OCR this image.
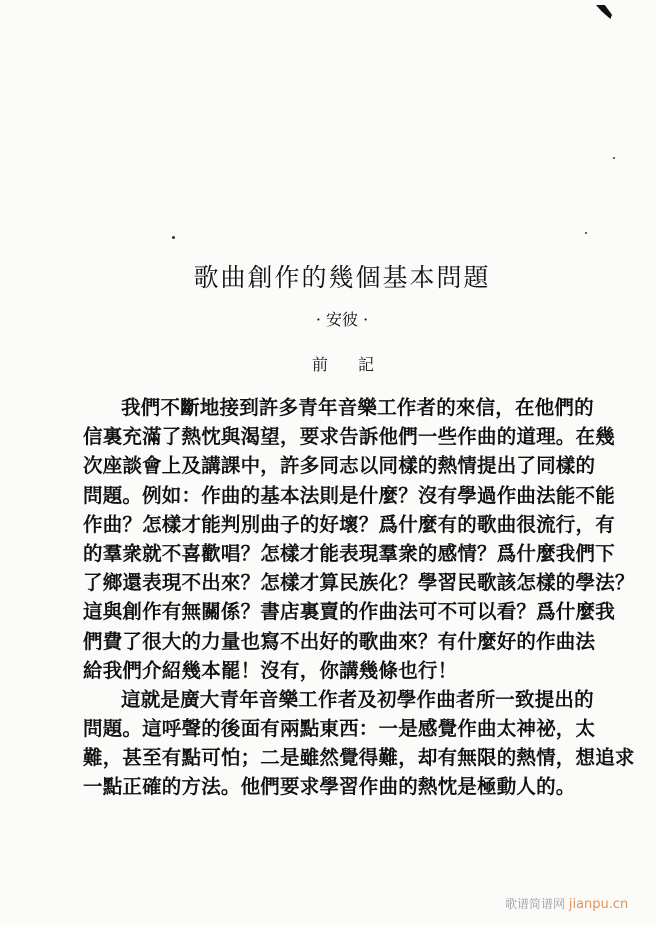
歌曲創作的幾個基本問題
· 安彼 ·
前記
我們不斷地接到許多青年音樂工作者的來信，在他們的
信裏充滿了熱忱與渴望，要求告訴他們一些作曲的道理。在幾
次座談會上及講課中，許多同志以同樣的熱情提出了同樣的
問題。例如：作曲的基本法則是什麼？沒有學過作曲法能不能
作曲？怎樣才能判別曲子的好壞？爲什麼有的歌曲很流行，有
的羣衆就不喜歡唱？怎樣才能表現羣衆的感情？爲什麼我們下
了鄉還表現不出來？怎樣才算民族化？學習民歌該怎樣的學法？
這與創作有無關係？書店裏賣的作曲法可不可以看？爲什麼我
們費了很大的力量也寫不出好的歌曲來？有什麼好的作曲法
給我們介紹幾本罷！沒有，你講幾條也行！
這就是廣大青年音樂工作者及初學作曲者所一致提出的
問題。這呼聲的後面有兩點東西：一是感覺作曲太神祕，太
難，甚至有點可怕；二是雖然覺得難，却有無限的熱情，想追求
一點正確的方法。他們要求學習作曲的熱忱是極動人的。
歌谱简谱网 jianpu.cn
